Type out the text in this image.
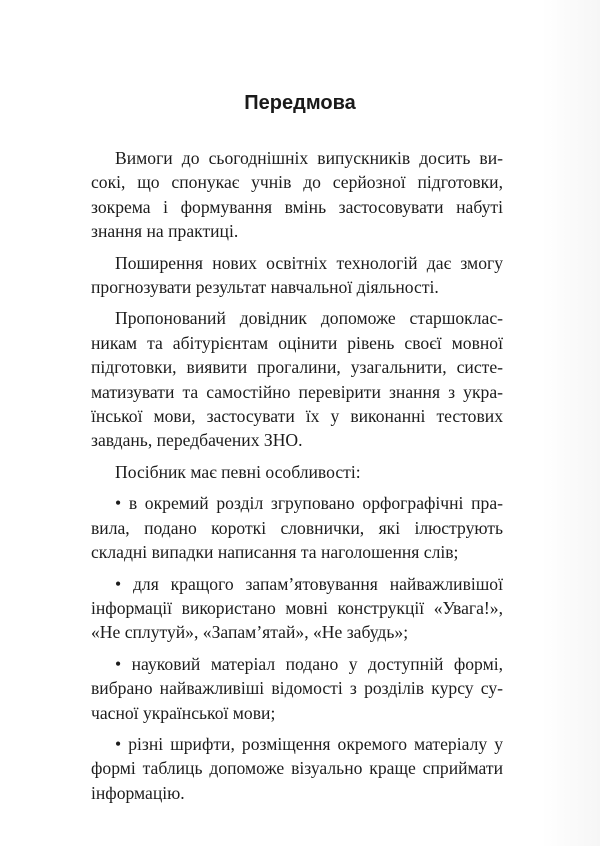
Передмова

Вимоги до сьогоднішніх випускників досить високі, що спонукає учнів до серйозної підготовки, зокрема і формування вмінь застосовувати набуті знання на практиці.

Поширення нових освітніх технологій дає змогу прогнозувати результат навчальної діяльності.

Пропонований довідник допоможе старшокласникам та абітурієнтам оцінити рівень своєї мовної підготовки, виявити прогалини, узагальнити, систематизувати та самостійно перевірити знання з української мови, застосувати їх у виконанні тестових завдань, передбачених ЗНО.

Посібник має певні особливості:

• в окремий розділ згруповано орфографічні правила, подано короткі словнички, які ілюструють складні випадки написання та наголошення слів;

• для кращого запам’ятовування найважливішої інформації використано мовні конструкції «Увага!», «Не сплутуй», «Запам’ятай», «Не забудь»;

• науковий матеріал подано у доступній формі, вибрано найважливіші відомості з розділів курсу сучасної української мови;

• різні шрифти, розміщення окремого матеріалу у формі таблиць допоможе візуально краще сприймати інформацію.
